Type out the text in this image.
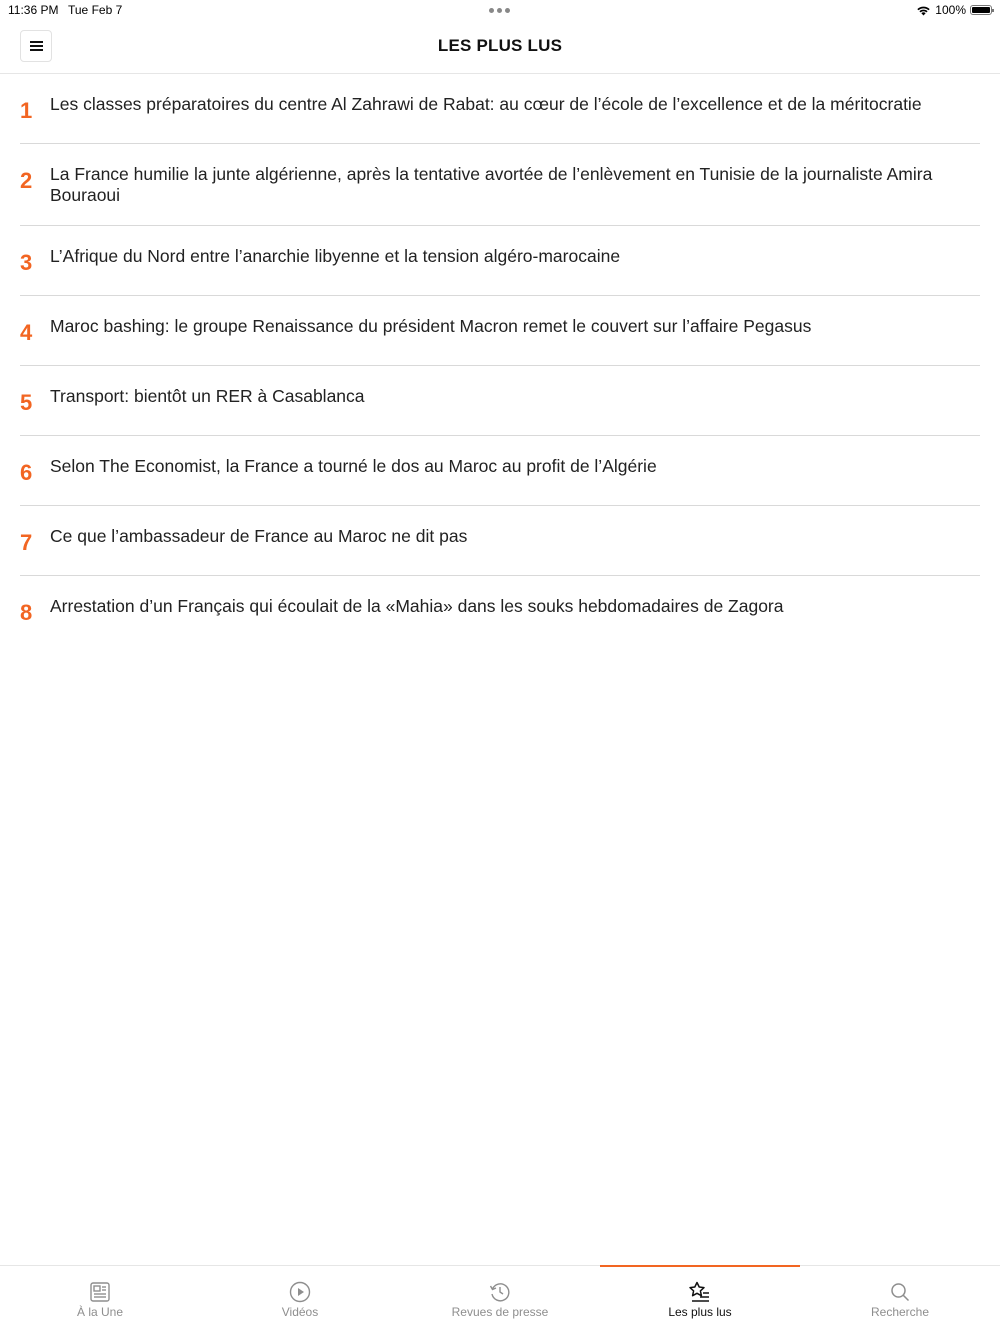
11:36 PM Tue Feb 7	100%
LES PLUS LUS
1 Les classes préparatoires du centre Al Zahrawi de Rabat: au cœur de l’école de l’excellence et de la méritocratie
2 La France humilie la junte algérienne, après la tentative avortée de l’enlèvement en Tunisie de la journaliste Amira Bouraoui
3 L’Afrique du Nord entre l’anarchie libyenne et la tension algéro-marocaine
4 Maroc bashing: le groupe Renaissance du président Macron remet le couvert sur l’affaire Pegasus
5 Transport: bientôt un RER à Casablanca
6 Selon The Economist, la France a tourné le dos au Maroc au profit de l’Algérie
7 Ce que l’ambassadeur de France au Maroc ne dit pas
8 Arrestation d’un Français qui écoulait de la «Mahia» dans les souks hebdomadaires de Zagora
À la Une	Vidéos	Revues de presse	Les plus lus	Recherche
